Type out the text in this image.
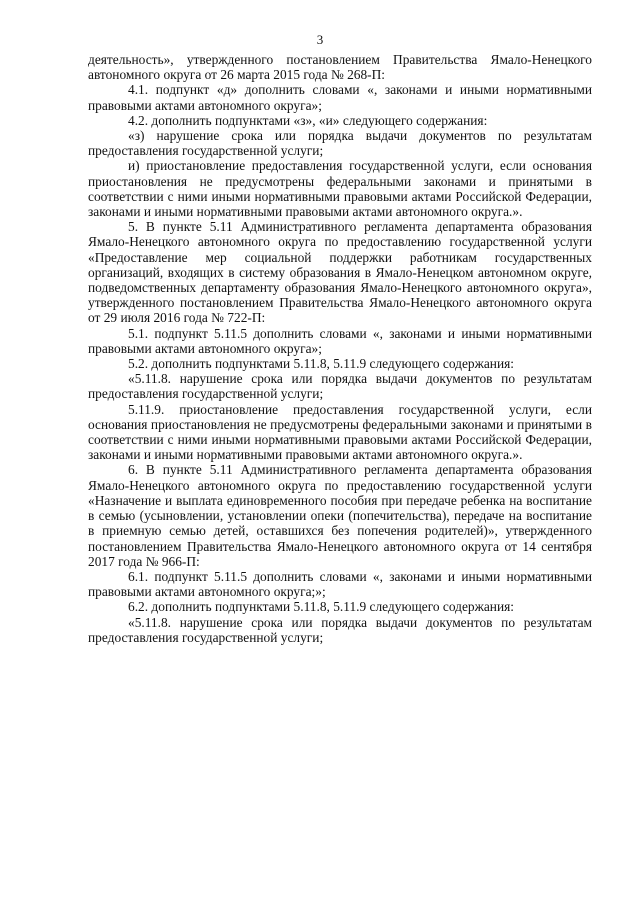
3

деятельность», утвержденного постановлением Правительства Ямало-Ненецкого автономного округа от 26 марта 2015 года № 268-П:

4.1. подпункт «д» дополнить словами «, законами и иными нормативными правовыми актами автономного округа»;

4.2. дополнить подпунктами «з», «и» следующего содержания:

«з) нарушение срока или порядка выдачи документов по результатам предоставления государственной услуги;

и) приостановление предоставления государственной услуги, если основания приостановления не предусмотрены федеральными законами и принятыми в соответствии с ними иными нормативными правовыми актами Российской Федерации, законами и иными нормативными правовыми актами автономного округа.».

5. В пункте 5.11 Административного регламента департамента образования Ямало-Ненецкого автономного округа по предоставлению государственной услуги «Предоставление мер социальной поддержки работникам государственных организаций, входящих в систему образования в Ямало-Ненецком автономном округе, подведомственных департаменту образования Ямало-Ненецкого автономного округа», утвержденного постановлением Правительства Ямало-Ненецкого автономного округа от 29 июля 2016 года № 722-П:

5.1. подпункт 5.11.5 дополнить словами «, законами и иными нормативными правовыми актами автономного округа»;

5.2. дополнить подпунктами 5.11.8, 5.11.9 следующего содержания:

«5.11.8. нарушение срока или порядка выдачи документов по результатам предоставления государственной услуги;

5.11.9. приостановление предоставления государственной услуги, если основания приостановления не предусмотрены федеральными законами и принятыми в соответствии с ними иными нормативными правовыми актами Российской Федерации, законами и иными нормативными правовыми актами автономного округа.».

6. В пункте 5.11 Административного регламента департамента образования Ямало-Ненецкого автономного округа по предоставлению государственной услуги «Назначение и выплата единовременного пособия при передаче ребенка на воспитание в семью (усыновлении, установлении опеки (попечительства), передаче на воспитание в приемную семью детей, оставшихся без попечения родителей)», утвержденного постановлением Правительства Ямало-Ненецкого автономного округа от 14 сентября 2017 года № 966-П:

6.1. подпункт 5.11.5 дополнить словами «, законами и иными нормативными правовыми актами автономного округа;»;

6.2. дополнить подпунктами 5.11.8, 5.11.9 следующего содержания:

«5.11.8. нарушение срока или порядка выдачи документов по результатам предоставления государственной услуги;
